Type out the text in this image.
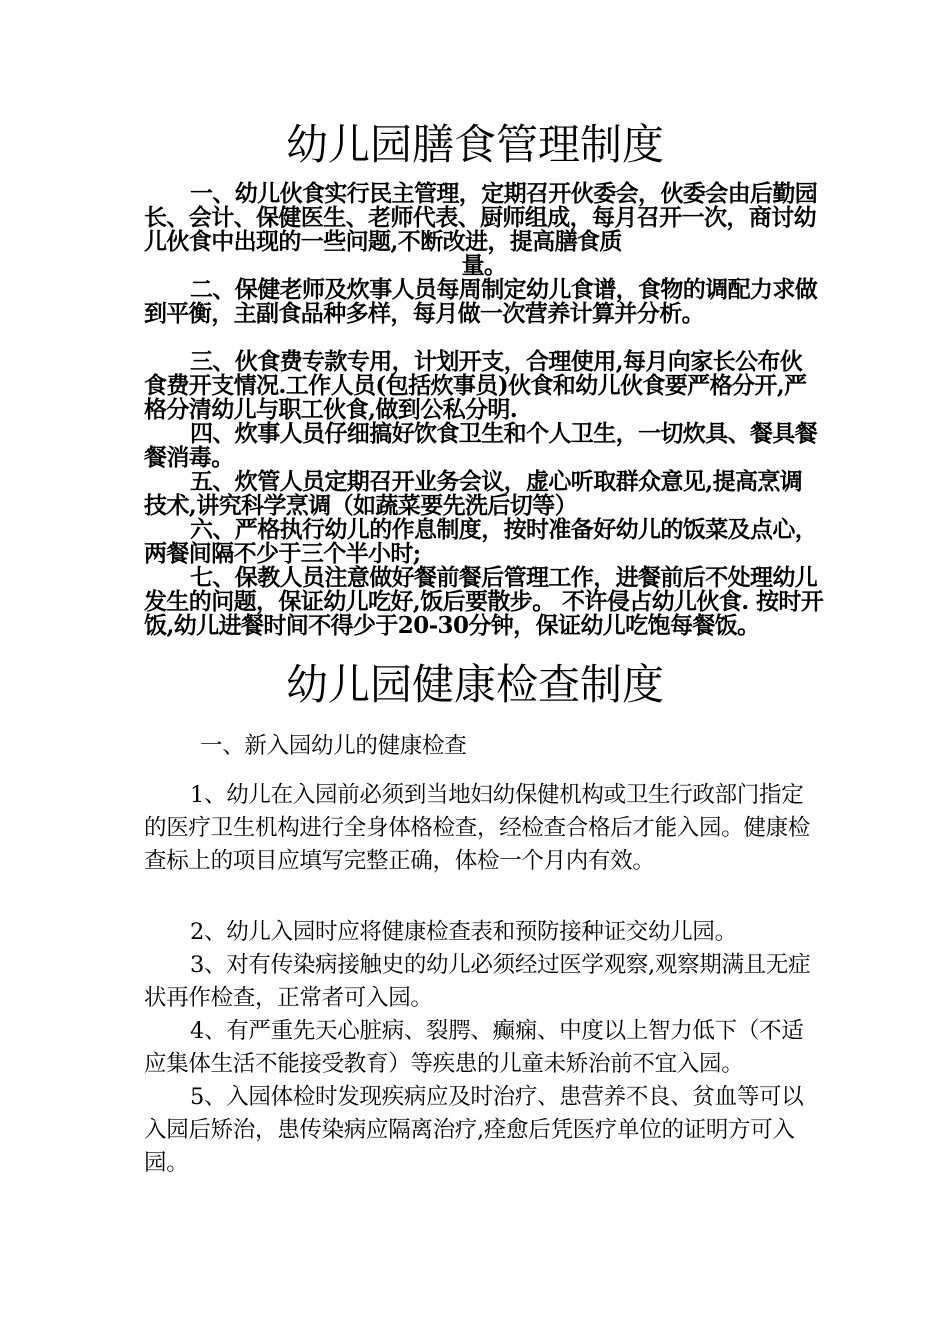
幼儿园膳食管理制度

一、幼儿伙食实行民主管理，定期召开伙委会，伙委会由后勤园长、会计、保健医生、老师代表、厨师组成，每月召开一次，商讨幼儿伙食中出现的一些问题,不断改进，提高膳食质

量。

二、保健老师及炊事人员每周制定幼儿食谱，食物的调配力求做到平衡，主副食品种多样，每月做一次营养计算并分析。

三、伙食费专款专用，计划开支，合理使用,每月向家长公布伙食费开支情况.工作人员(包括炊事员)伙食和幼儿伙食要严格分开,严格分清幼儿与职工伙食,做到公私分明.

四、炊事人员仔细搞好饮食卫生和个人卫生，一切炊具、餐具餐餐消毒。

五、炊管人员定期召开业务会议，虚心听取群众意见,提高烹调技术,讲究科学烹调（如蔬菜要先洗后切等）

六、严格执行幼儿的作息制度，按时准备好幼儿的饭菜及点心，两餐间隔不少于三个半小时;

七、保教人员注意做好餐前餐后管理工作，进餐前后不处理幼儿发生的问题，保证幼儿吃好,饭后要散步。 不许侵占幼儿伙食. 按时开饭,幼儿进餐时间不得少于20-30分钟，保证幼儿吃饱每餐饭。

幼儿园健康检查制度

一、新入园幼儿的健康检查

1、幼儿在入园前必须到当地妇幼保健机构或卫生行政部门指定的医疗卫生机构进行全身体格检查，经检查合格后才能入园。健康检查标上的项目应填写完整正确，体检一个月内有效。

2、幼儿入园时应将健康检查表和预防接种证交幼儿园。

3、对有传染病接触史的幼儿必须经过医学观察,观察期满且无症状再作检查，正常者可入园。

4、有严重先天心脏病、裂腭、癫痫、中度以上智力低下（不适应集体生活不能接受教育）等疾患的儿童未矫治前不宜入园。

5、入园体检时发现疾病应及时治疗、患营养不良、贫血等可以入园后矫治，患传染病应隔离治疗,痊愈后凭医疗单位的证明方可入园。
